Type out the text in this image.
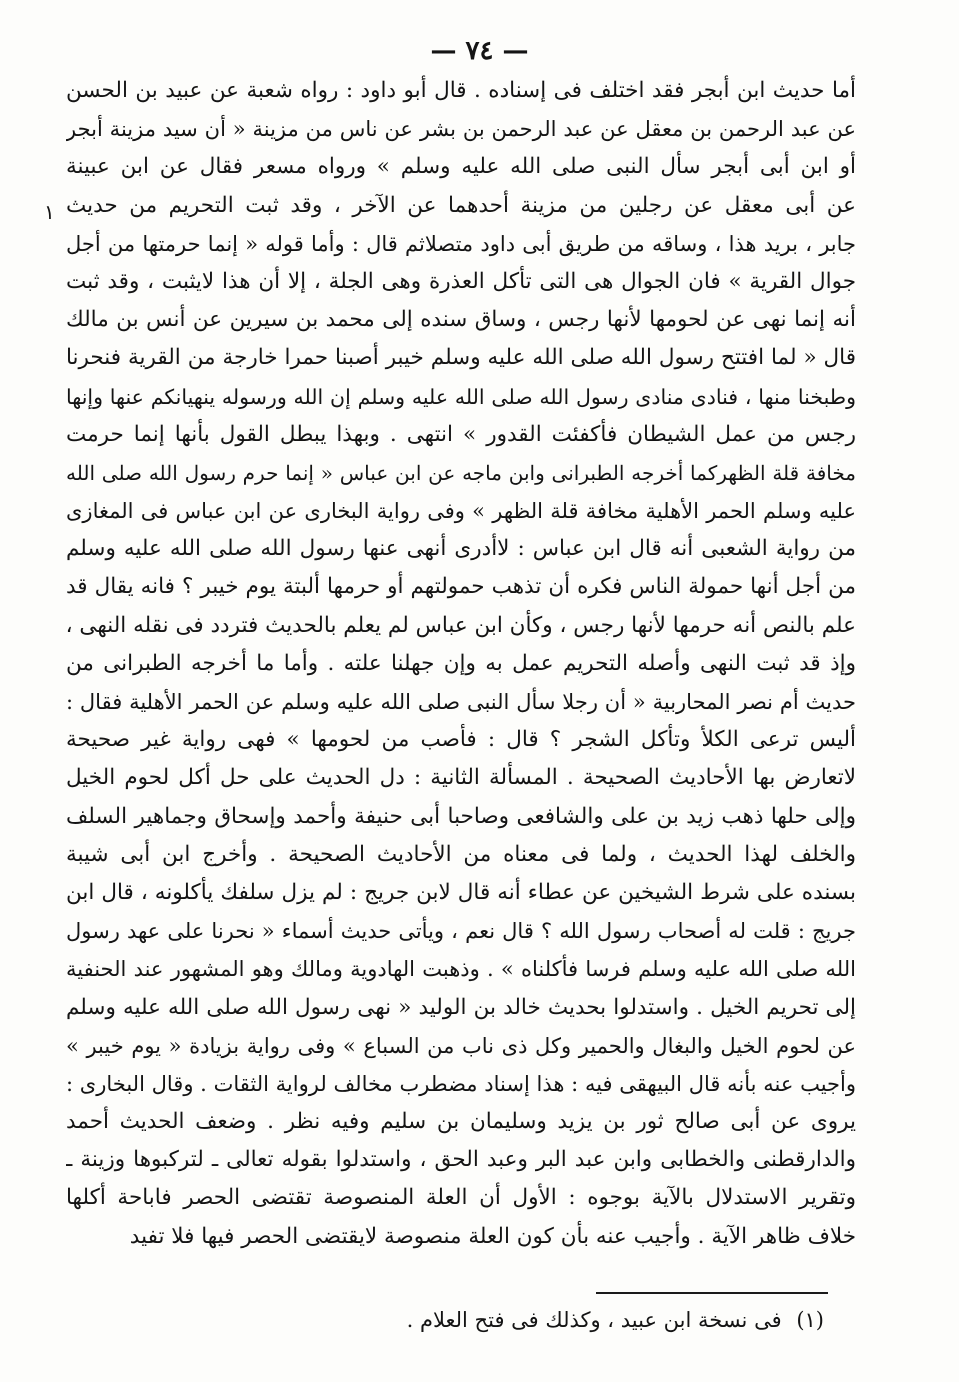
— ٧٤ —
١
أما حديث ابن أبجر فقد اختلف فى إسناده . قال أبو داود : رواه شعبة عن عبيد بن الحسن
عن عبد الرحمن بن معقل عن عبد الرحمن بن بشر عن ناس من مزينة « أن سيد مزينة أبجر
أو ابن أبى أبجر سأل النبى صلى الله عليه وسلم » ورواه مسعر فقال عن ابن عبينة
عن أبى معقل عن رجلين من مزينة أحدهما عن الآخر ، وقد ثبت التحريم من حديث
جابر ، بريد هذا ، وساقه من طريق أبى داود متصلاثم قال : وأما قوله « إنما حرمتها من أجل
جوال القرية » فان الجوال هى التى تأكل العذرة وهى الجلة ، إلا أن هذا لايثبت ، وقد ثبت
أنه إنما نهى عن لحومها لأنها رجس ، وساق سنده إلى محمد بن سيرين عن أنس بن مالك
قال « لما افتتح رسول الله صلى الله عليه وسلم خيبر أصبنا حمرا خارجة من القرية فنحرنا
وطبخنا منها ، فنادى منادى رسول الله صلى الله عليه وسلم إن الله ورسوله ينهيانكم عنها وإنها
رجس من عمل الشيطان فأكفئت القدور » انتهى . وبهذا يبطل القول بأنها إنما حرمت
مخافة قلة الظهركما أخرجه الطبرانى وابن ماجه عن ابن عباس « إنما حرم رسول الله صلى الله
عليه وسلم الحمر الأهلية مخافة قلة الظهر » وفى رواية البخارى عن ابن عباس فى المغازى
من رواية الشعبى أنه قال ابن عباس : لاأدرى أنهى عنها رسول الله صلى الله عليه وسلم
من أجل أنها حمولة الناس فكره أن تذهب حمولتهم أو حرمها ألبتة يوم خيبر ؟ فانه يقال قد
علم بالنص أنه حرمها لأنها رجس ، وكأن ابن عباس لم يعلم بالحديث فتردد فى نقله النهى ،
وإذ قد ثبت النهى وأصله التحريم عمل به وإن جهلنا علته . وأما ما أخرجه الطبرانى من
حديث أم نصر المحاربية « أن رجلا سأل النبى صلى الله عليه وسلم عن الحمر الأهلية فقال :
أليس ترعى الكلأ وتأكل الشجر ؟ قال : فأصب من لحومها » فهى رواية غير صحيحة
لاتعارض بها الأحاديث الصحيحة . المسألة الثانية : دل الحديث على حل أكل لحوم الخيل
وإلى حلها ذهب زيد بن على والشافعى وصاحبا أبى حنيفة وأحمد وإسحاق وجماهير السلف
والخلف لهذا الحديث ، ولما فى معناه من الأحاديث الصحيحة . وأخرج ابن أبى شيبة
بسنده على شرط الشيخين عن عطاء أنه قال لابن جريج : لم يزل سلفك يأكلونه ، قال ابن
جريج : قلت له أصحاب رسول الله ؟ قال نعم ، ويأتى حديث أسماء « نحرنا على عهد رسول
الله صلى الله عليه وسلم فرسا فأكلناه » . وذهبت الهادوية ومالك وهو المشهور عند الحنفية
إلى تحريم الخيل . واستدلوا بحديث خالد بن الوليد « نهى رسول الله صلى الله عليه وسلم
عن لحوم الخيل والبغال والحمير وكل ذى ناب من السباع » وفى رواية بزيادة « يوم خيبر »
وأجيب عنه بأنه قال البيهقى فيه : هذا إسناد مضطرب مخالف لرواية الثقات . وقال البخارى :
يروى عن أبى صالح ثور بن يزيد وسليمان بن سليم وفيه نظر . وضعف الحديث أحمد
والدارقطنى والخطابى وابن عبد البر وعبد الحق ، واستدلوا بقوله تعالى ـ لتركبوها وزينة ـ
وتقرير الاستدلال بالآية بوجوه : الأول أن العلة المنصوصة تقتضى الحصر فاباحة أكلها
خلاف ظاهر الآية . وأجيب عنه بأن كون العلة منصوصة لايقتضى الحصر فيها فلا تفيد
(١) فى نسخة ابن عبيد ، وكذلك فى فتح العلام .
